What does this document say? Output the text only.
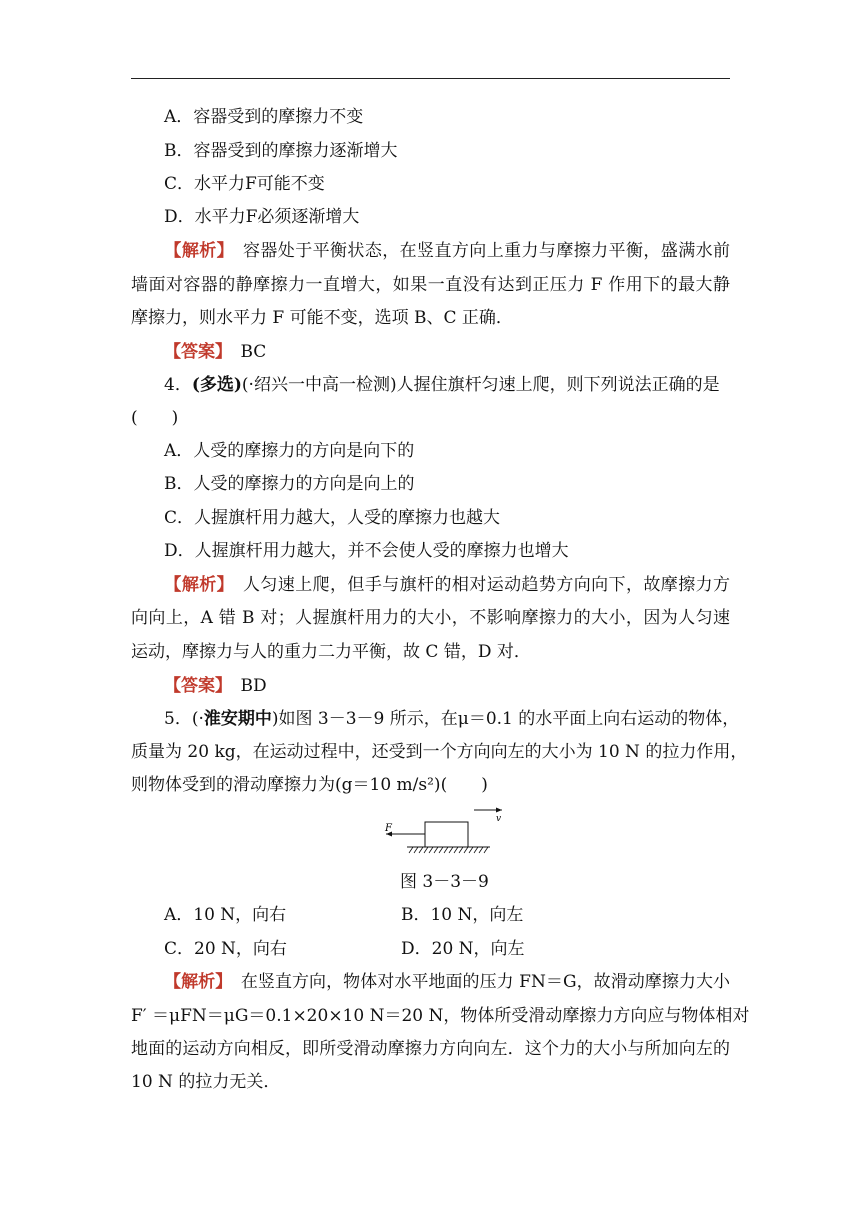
A．容器受到的摩擦力不变
B．容器受到的摩擦力逐渐增大
C．水平力F可能不变
D．水平力F必须逐渐增大
【解析】　 容器处于平衡状态，在竖直方向上重力与摩擦力平衡，盛满水前
墙面对容器的静摩擦力一直增大，如果一直没有达到正压力 F 作用下的最大静
摩擦力，则水平力 F 可能不变，选项 B、C 正确．
【答案】　 BC
4．(多选)(·绍兴一中高一检测)人握住旗杆匀速上爬，则下列说法正确的是
(　　)
A．人受的摩擦力的方向是向下的
B．人受的摩擦力的方向是向上的
C．人握旗杆用力越大，人受的摩擦力也越大
D．人握旗杆用力越大，并不会使人受的摩擦力也增大
【解析】　 人匀速上爬，但手与旗杆的相对运动趋势方向向下，故摩擦力方
向向上，A 错 B 对；人握旗杆用力的大小，不影响摩擦力的大小，因为人匀速
运动，摩擦力与人的重力二力平衡，故 C 错，D 对．
【答案】　 BD
5．(·淮安期中)如图 3－3－9 所示，在μ＝0.1 的水平面上向右运动的物体，
质量为 20 kg，在运动过程中，还受到一个方向向左的大小为 10 N 的拉力作用，
则物体受到的滑动摩擦力为(g＝10 m/s²)(　　)
v
F
图 3－3－9
A．10 N，向右	B．10 N，向左
C．20 N，向右	D．20 N，向左
【解析】　 在竖直方向，物体对水平地面的压力 FN＝G，故滑动摩擦力大小
F′ ＝μFN＝μG＝0.1×20×10 N＝20 N，物体所受滑动摩擦力方向应与物体相对
地面的运动方向相反，即所受滑动摩擦力方向向左．这个力的大小与所加向左的
10 N 的拉力无关．
